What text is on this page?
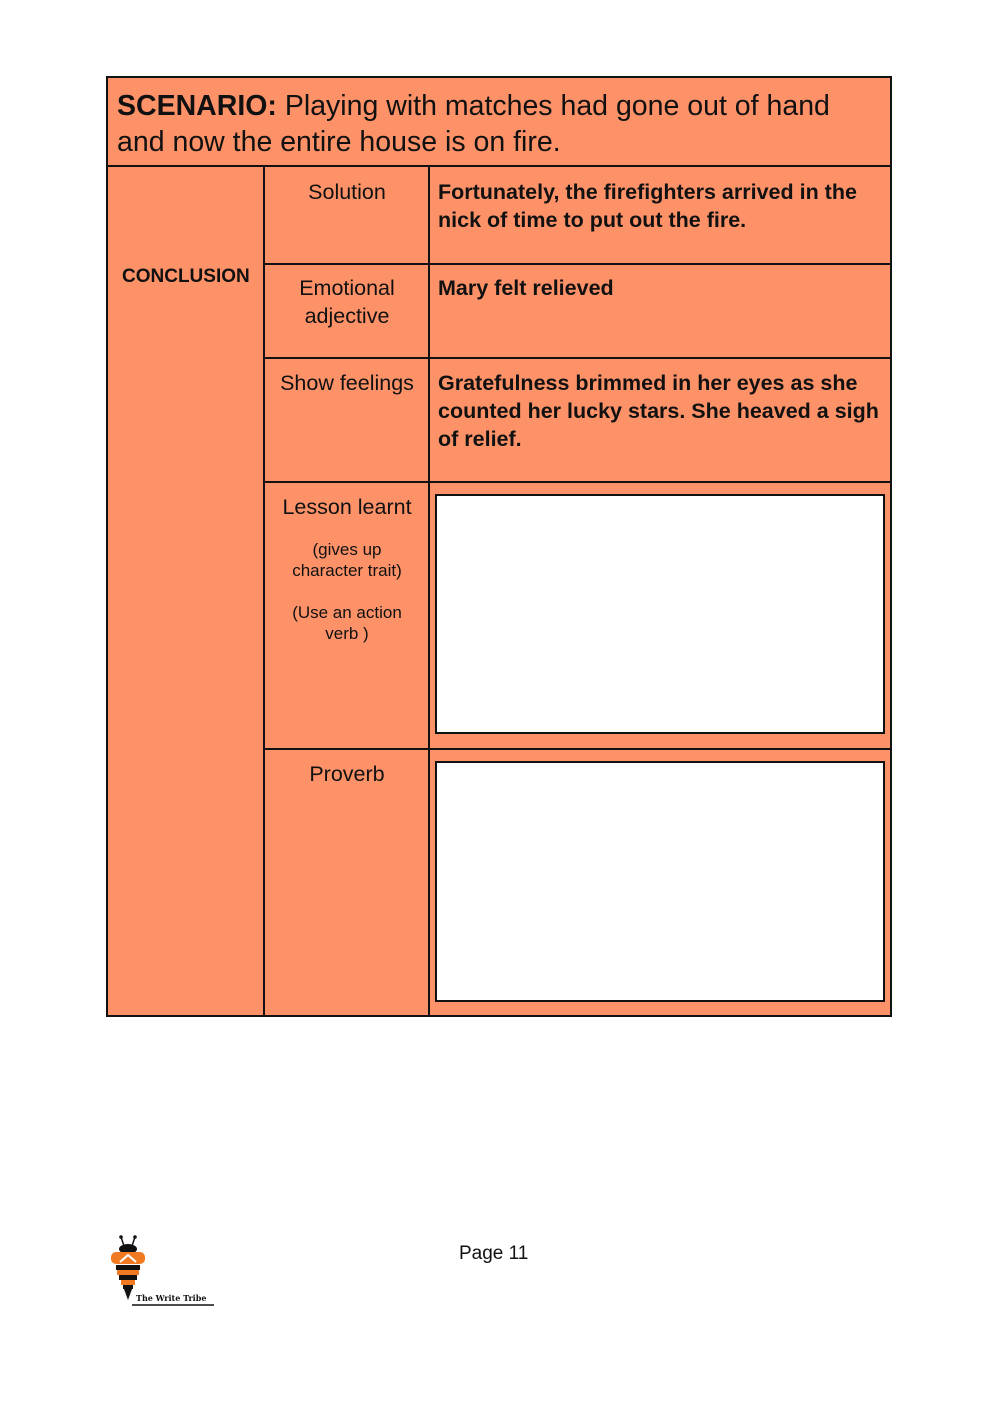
SCENARIO: Playing with matches had gone out of hand and now the entire house is on fire.
CONCLUSION
Solution	Fortunately, the firefighters arrived in the nick of time to put out the fire.
Emotional adjective
Mary felt relieved
Show feelings	Gratefulness brimmed in her eyes as she counted her lucky stars. She heaved a sigh of relief.
Lesson learnt
(gives up character trait)
(Use an action verb )
Proverb
Page 11
The Write Tribe
